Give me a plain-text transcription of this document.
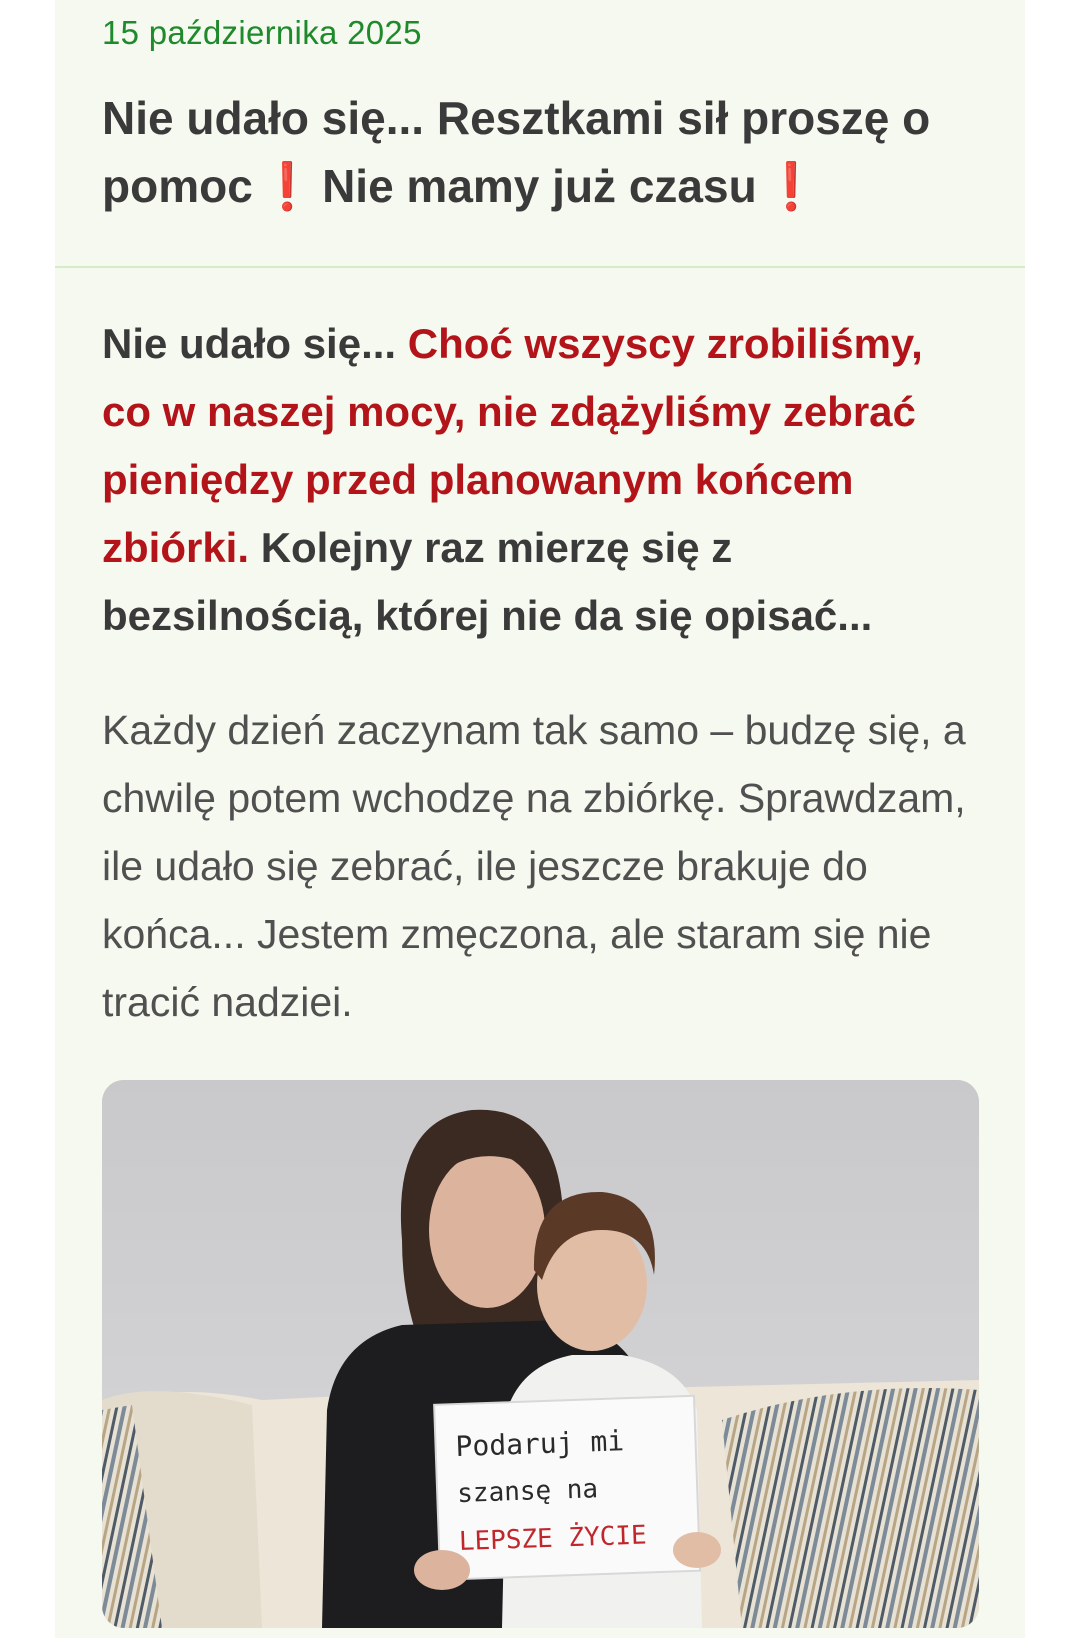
15 października 2025
Nie udało się... Resztkami sił proszę o pomoc ❗ Nie mamy już czasu ❗
Nie udało się... Choć wszyscy zrobiliśmy, co w naszej mocy, nie zdążyliśmy zebrać pieniędzy przed planowanym końcem zbiórki. Kolejny raz mierzę się z bezsilnością, której nie da się opisać...
Każdy dzień zaczynam tak samo – budzę się, a chwilę potem wchodzę na zbiórkę. Sprawdzam, ile udało się zebrać, ile jeszcze brakuje do końca... Jestem zmęczona, ale staram się nie tracić nadziei.
Podaruj mi
szansę na
LEPSZE ŻYCIE
